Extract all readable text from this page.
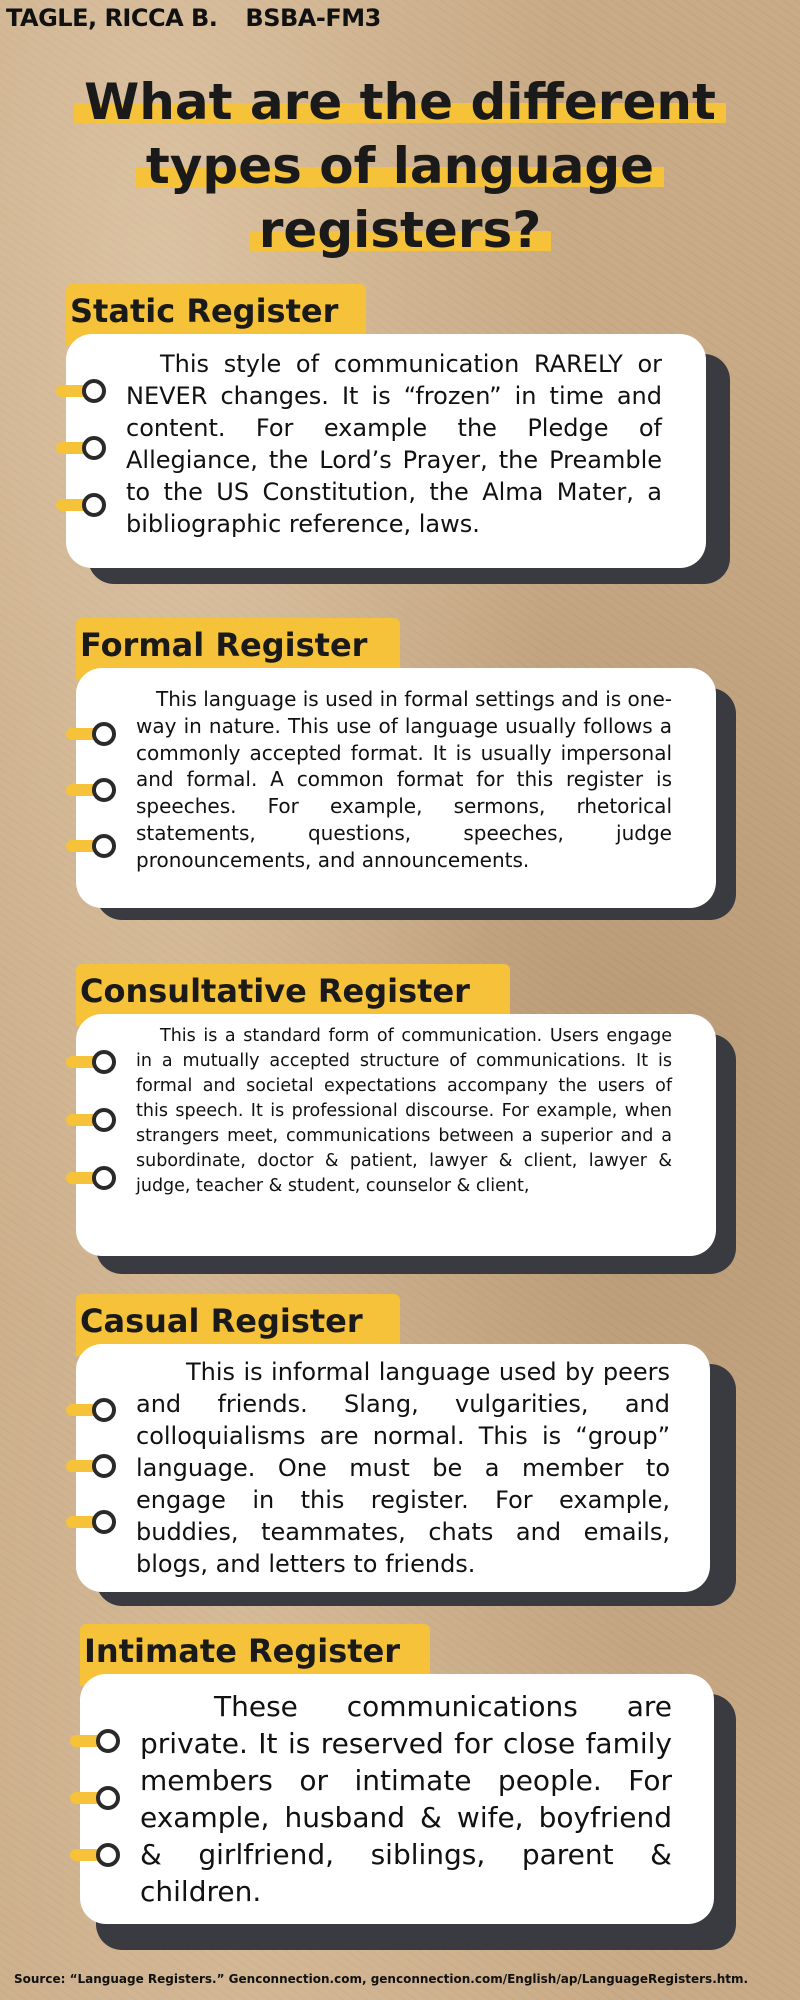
TAGLE, RICCA B. BSBA-FM3
What are the different
types of language
registers?
Static Register

This style of communication RARELY or NEVER changes. It is “frozen” in time and content. For example the Pledge of Allegiance, the Lord’s Prayer, the Preamble to the US Constitution, the Alma Mater, a bibliographic reference, laws.

Formal Register

This language is used in formal settings and is one-way in nature. This use of language usually follows a commonly accepted format. It is usually impersonal and formal. A common format for this register is speeches. For example, sermons, rhetorical statements, questions, speeches, judge pronouncements, and announcements.

Consultative Register

This is a standard form of communication. Users engage in a mutually accepted structure of communications. It is formal and societal expectations accompany the users of this speech. It is professional discourse. For example, when strangers meet, communications between a superior and a subordinate, doctor & patient, lawyer & client, lawyer & judge, teacher & student, counselor & client,

Casual Register

This is informal language used by peers and friends. Slang, vulgarities, and colloquialisms are normal. This is “group” language. One must be a member to engage in this register. For example, buddies, teammates, chats and emails, blogs, and letters to friends.

Intimate Register

These communications are private. It is reserved for close family members or intimate people. For example, husband & wife, boyfriend & girlfriend, siblings, parent & children.

Source: “Language Registers.” Genconnection.com, genconnection.com/English/ap/LanguageRegisters.htm.
